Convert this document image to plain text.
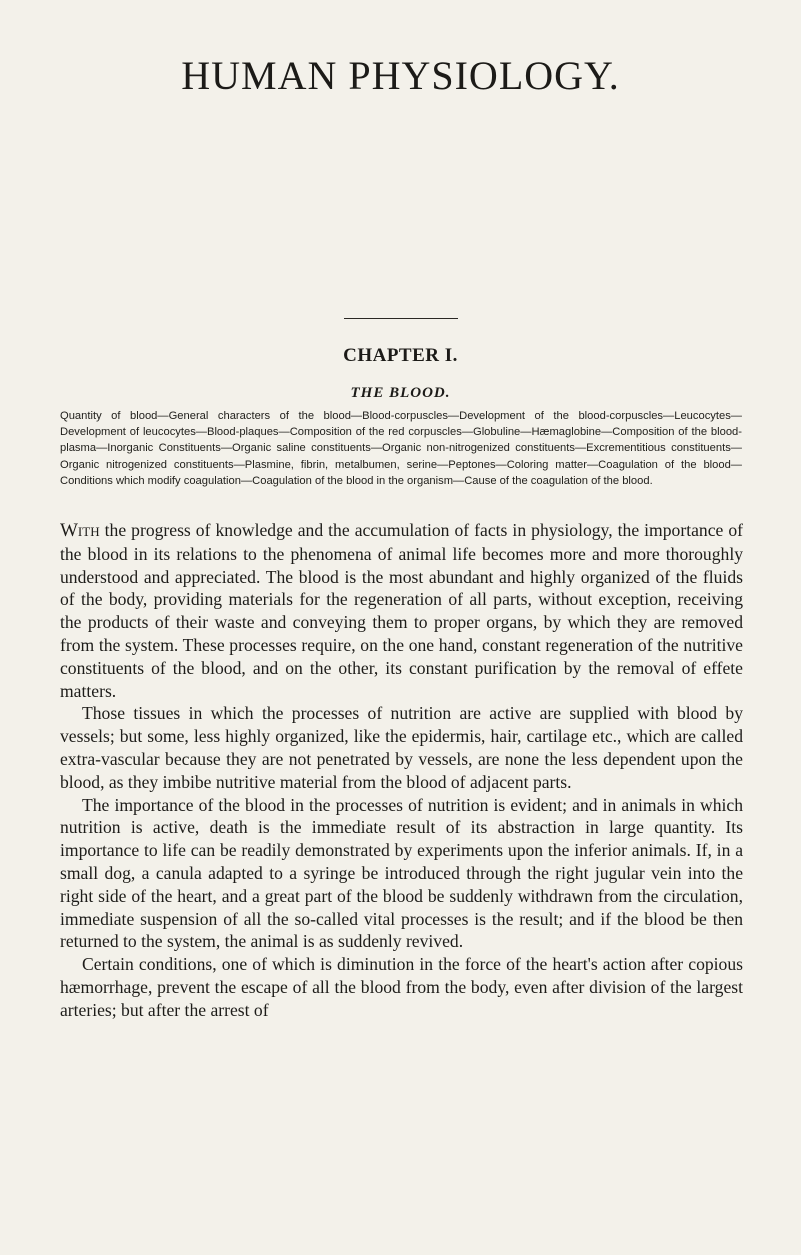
HUMAN PHYSIOLOGY.
CHAPTER I.
THE BLOOD.

Quantity of blood—General characters of the blood—Blood-corpuscles—Development of the blood-corpuscles—Leucocytes—Development of leucocytes—Blood-plaques—Composition of the red corpuscles—Globuline—Hæmaglobine—Composition of the blood-plasma—Inorganic Constituents—Organic saline constituents—Organic non-nitrogenized constituents—Excrementitious constituents—Organic nitrogenized constituents—Plasmine, fibrin, metalbumen, serine—Peptones—Coloring matter—Coagulation of the blood—Conditions which modify coagulation—Coagulation of the blood in the organism—Cause of the coagulation of the blood.

With the progress of knowledge and the accumulation of facts in physiology, the importance of the blood in its relations to the phenomena of animal life becomes more and more thoroughly understood and appreciated. The blood is the most abundant and highly organized of the fluids of the body, providing materials for the regeneration of all parts, without exception, receiving the products of their waste and conveying them to proper organs, by which they are removed from the system. These processes require, on the one hand, constant regeneration of the nutritive constituents of the blood, and on the other, its constant purification by the removal of effete matters.

Those tissues in which the processes of nutrition are active are supplied with blood by vessels; but some, less highly organized, like the epidermis, hair, cartilage etc., which are called extra-vascular because they are not penetrated by vessels, are none the less dependent upon the blood, as they imbibe nutritive material from the blood of adjacent parts.

The importance of the blood in the processes of nutrition is evident; and in animals in which nutrition is active, death is the immediate result of its abstraction in large quantity. Its importance to life can be readily demonstrated by experiments upon the inferior animals. If, in a small dog, a canula adapted to a syringe be introduced through the right jugular vein into the right side of the heart, and a great part of the blood be suddenly withdrawn from the circulation, immediate suspension of all the so-called vital processes is the result; and if the blood be then returned to the system, the animal is as suddenly revived.

Certain conditions, one of which is diminution in the force of the heart's action after copious hæmorrhage, prevent the escape of all the blood from the body, even after division of the largest arteries; but after the arrest of
